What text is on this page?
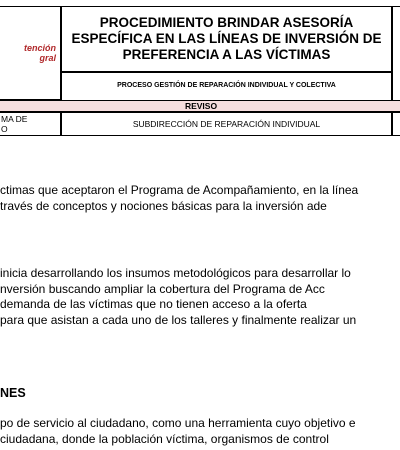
tención
gral
PROCEDIMIENTO BRINDAR ASESORÍA ESPECÍFICA EN LAS LÍNEAS DE INVERSIÓN DE PREFERENCIA A LAS VÍCTIMAS
PROCESO GESTIÓN DE REPARACIÓN INDIVIDUAL Y COLECTIVA
REVISO
MA DE
O	SUBDIRECCIÓN DE REPARACIÓN INDIVIDUAL
ctimas que aceptaron el Programa de Acompañamiento, en la línea
través de conceptos y nociones básicas para la inversión ade
inicia desarrollando los insumos metodológicos para desarrollar lo
nversión buscando ampliar la cobertura del Programa de Acc
demanda de las víctimas que no tienen acceso a la oferta
para que asistan a cada uno de los talleres y finalmente realizar un
NES
po de servicio al ciudadano, como una herramienta cuyo objetivo e
ciudadana, donde la población víctima, organismos de control
